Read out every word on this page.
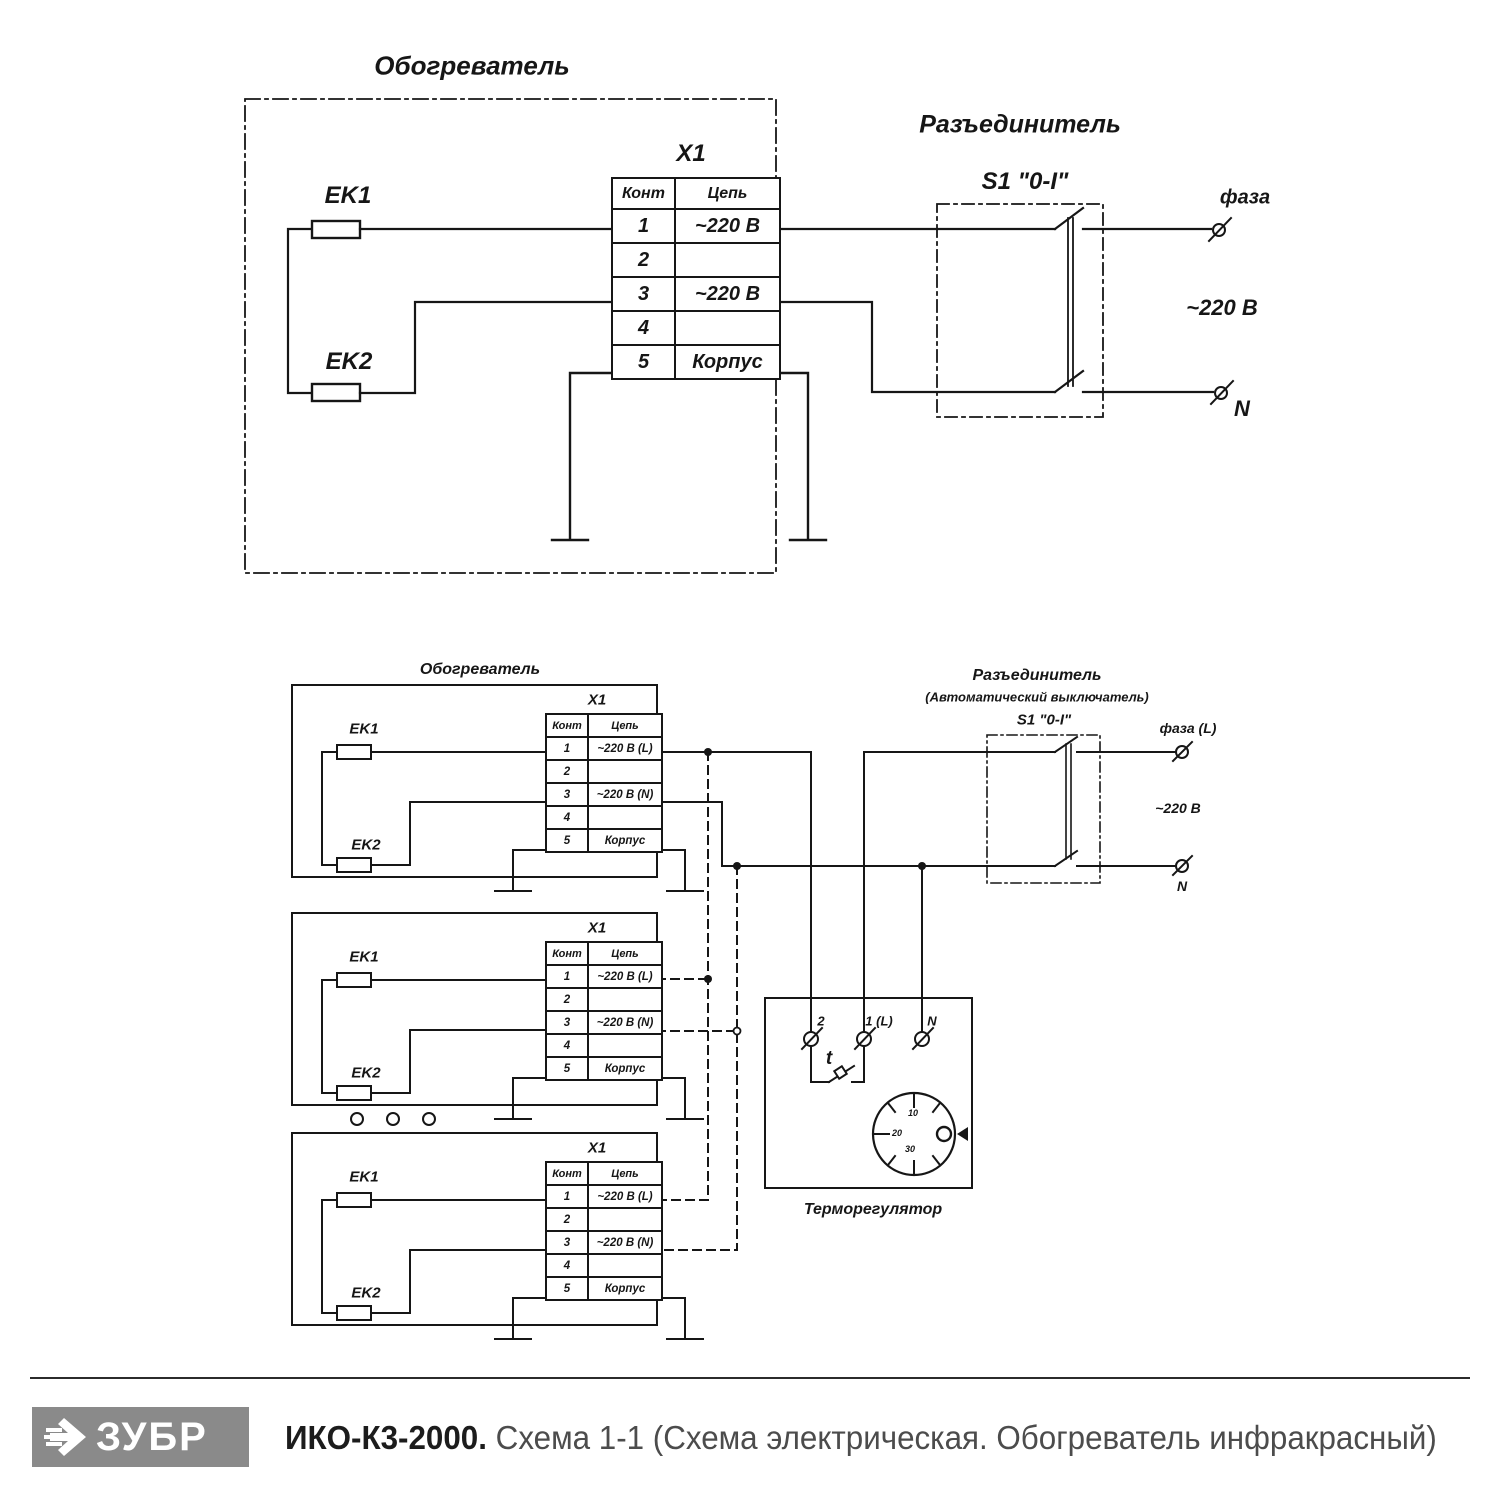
Обогреватель
EK1
EK2
X1
Разъединитель
S1 "0-I"
фаза
~220 В
N
Конт	Цепь
1	~220 В
2	
3	~220 В
4	
5	Корпус
Обогреватель
EK1
EK2
X1
EK1
EK2
X1
EK1
EK2
X1
Разъединитель
(Автоматический выключатель)
S1 "0-I"	фаза (L)
~220 В
N
2	1 (L)	N
t
10
20
30
Терморегулятор
Конт	Цепь
1	~220 В (L)
2	
3	~220 В (N)
4	
5	Корпус
Конт	Цепь
1	~220 В (L)
2	
3	~220 В (N)
4	
5	Корпус
Конт	Цепь
1	~220 В (L)
2	
3	~220 В (N)
4	
5	Корпус
ЗУБР ИКО-К3-2000. Схема 1-1 (Схема электрическая. Обогреватель инфракрасный)
